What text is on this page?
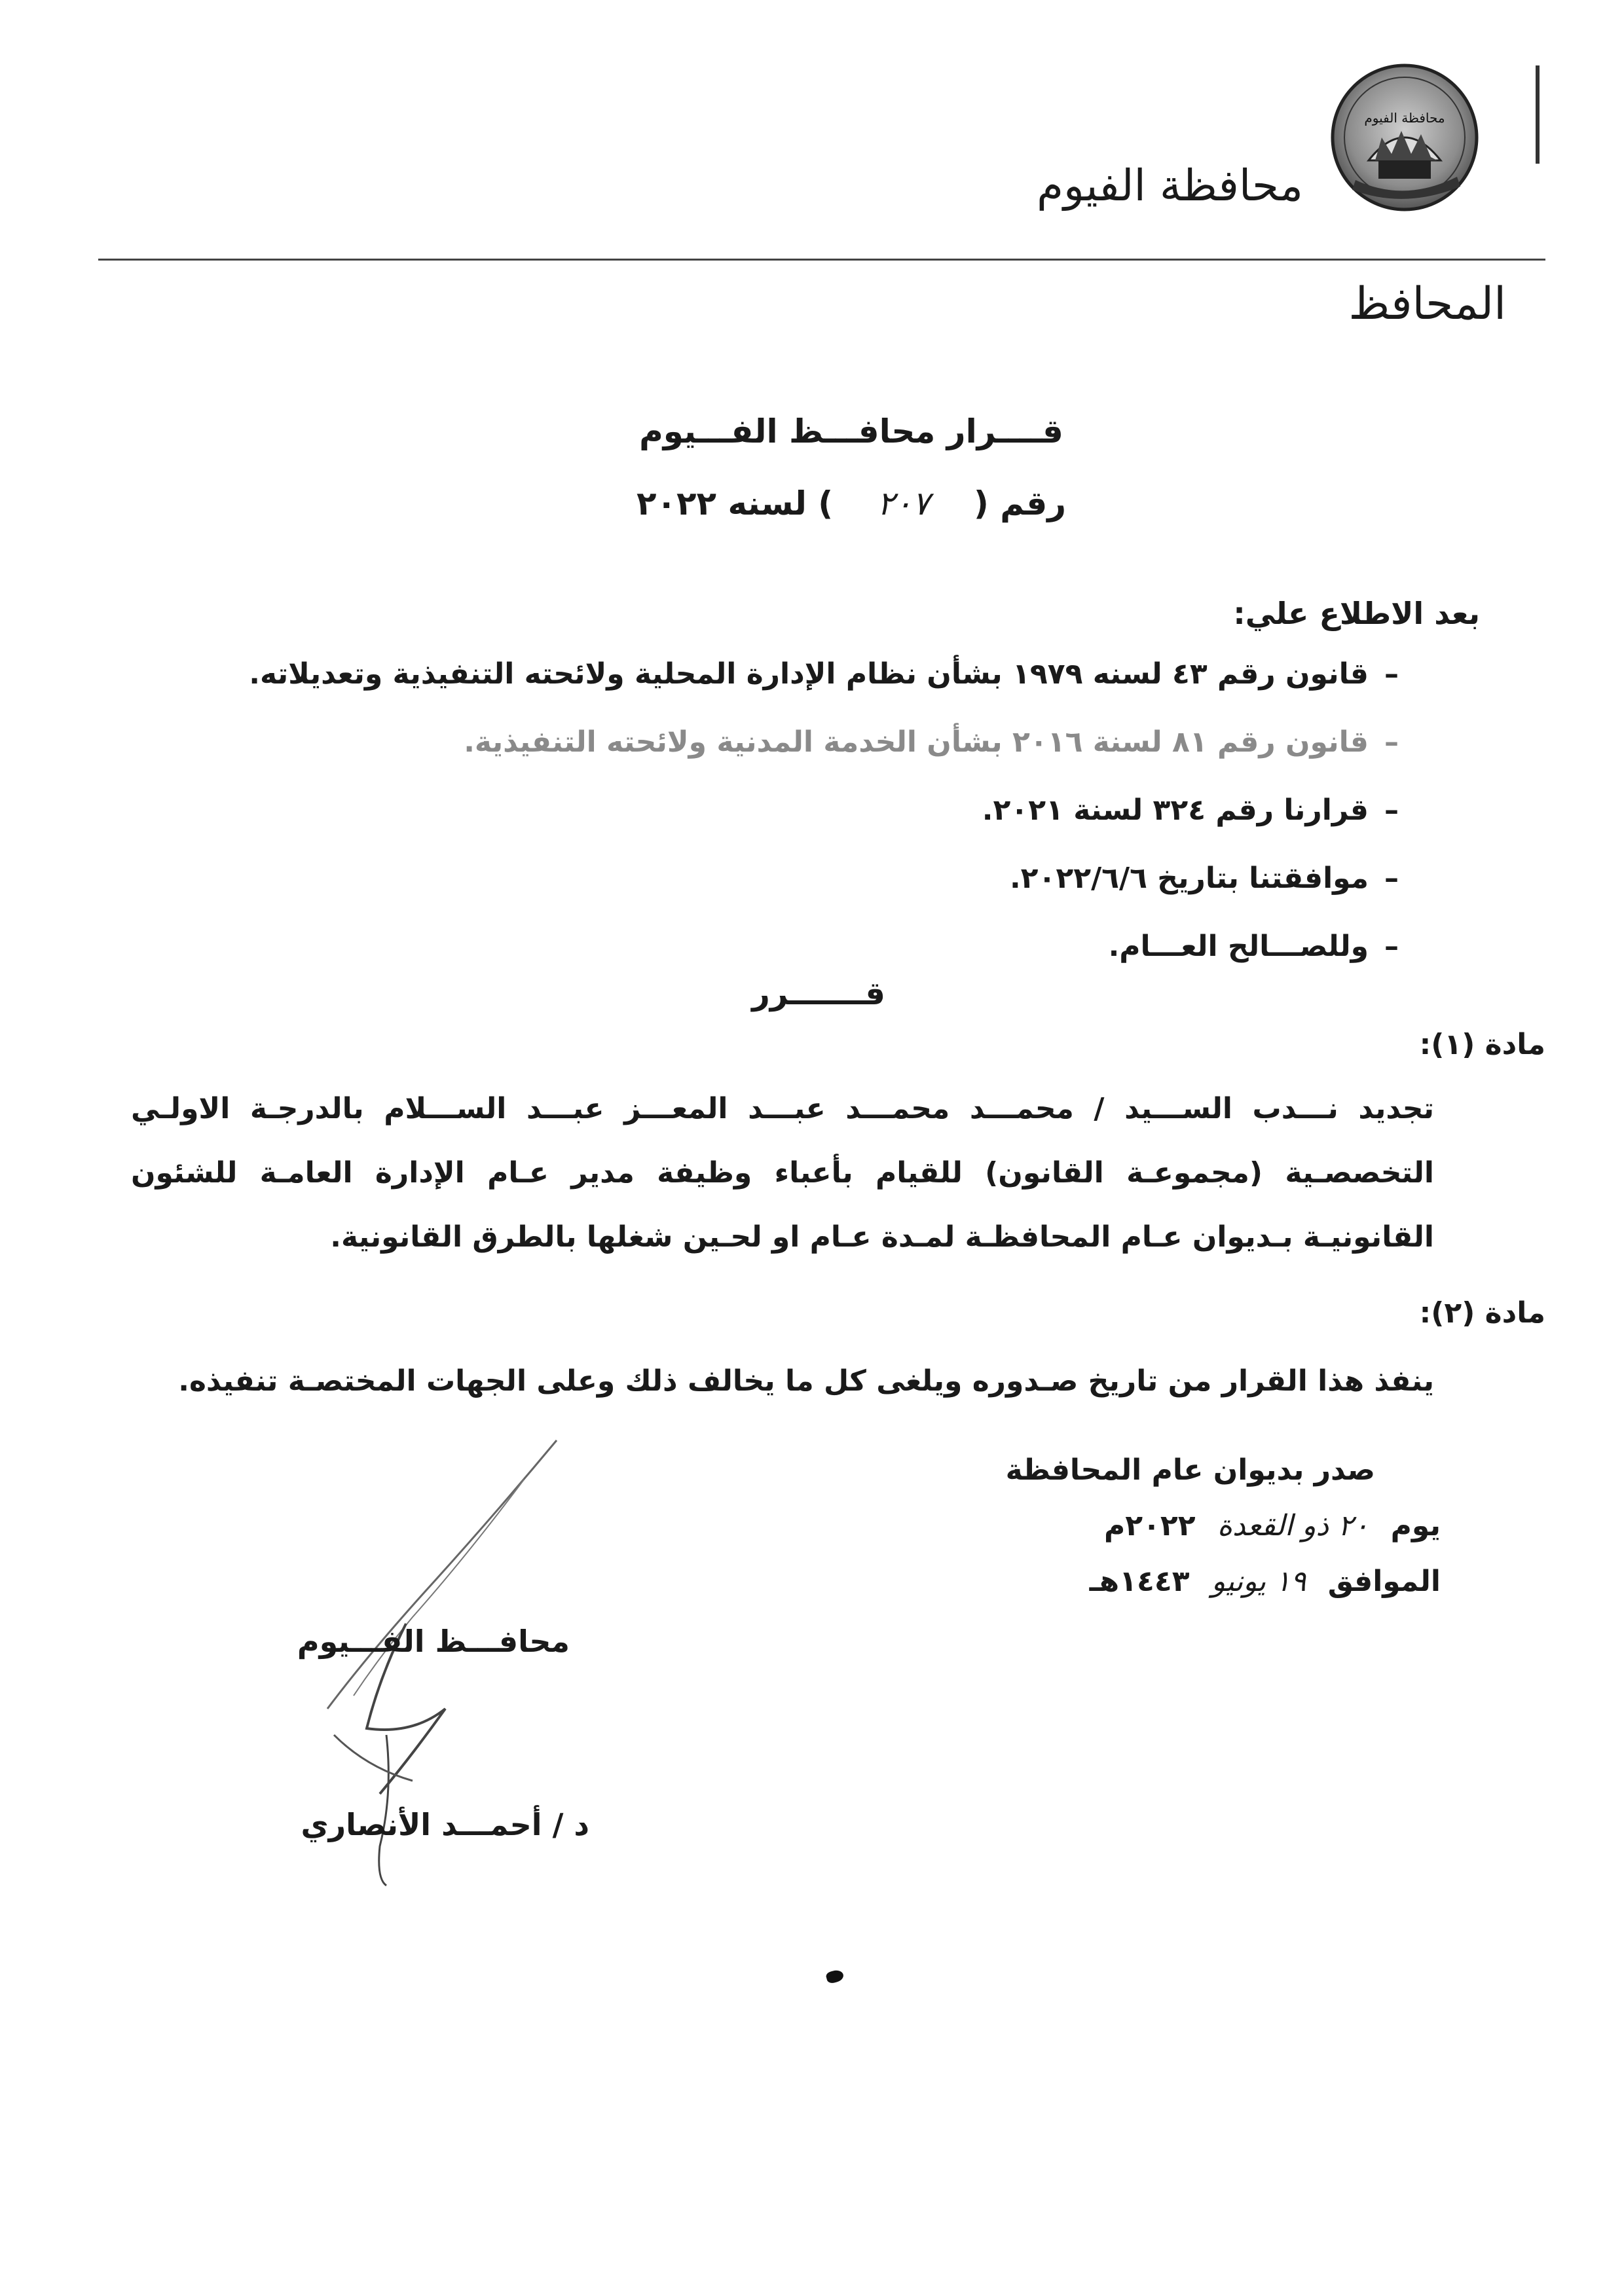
محافظة الفيوم
محافظة الفيوم
المحافظ
قــــرار محافـــظ الفـــيوم
رقم ( ٢٠٧ ) لسنه ٢٠٢٢
بعد الاطلاع علي:
– قانون رقم ٤٣ لسنه ١٩٧٩ بشأن نظام الإدارة المحلية ولائحته التنفيذية وتعديلاته.
– قانون رقم ٨١ لسنة ٢٠١٦ بشأن الخدمة المدنية ولائحته التنفيذية.
– قرارنا رقم ٣٢٤ لسنة ٢٠٢١.
– موافقتنا بتاريخ ٢٠٢٢/٦/٦.
– وللصـــالح العـــام.
قـــــــرر
مادة (١):
تجديد نـــدب الســـيد / محمـــد محمـــد عبـــد المعـــز عبـــد الســـلام بالدرجـة الاولـي التخصصـية (مجموعـة القانون) للقيام بأعباء وظيفة مدير عـام الإدارة العامـة للشئون القانونيـة بـديوان عـام المحافظـة لمـدة عـام او لحـين شغلها بالطرق القانونية.
مادة (٢):
ينفذ هذا القرار من تاريخ صـدوره ويلغى كل ما يخالف ذلك وعلى الجهات المختصـة تنفيذه.
صدر بديوان عام المحافظة
يوم ٢٠ ذو القعدة ٢٠٢٢م
الموافق ١٩ يونيو ١٤٤٣هـ
محافـــظ الفـــيوم
د / أحمـــد الأنصاري
